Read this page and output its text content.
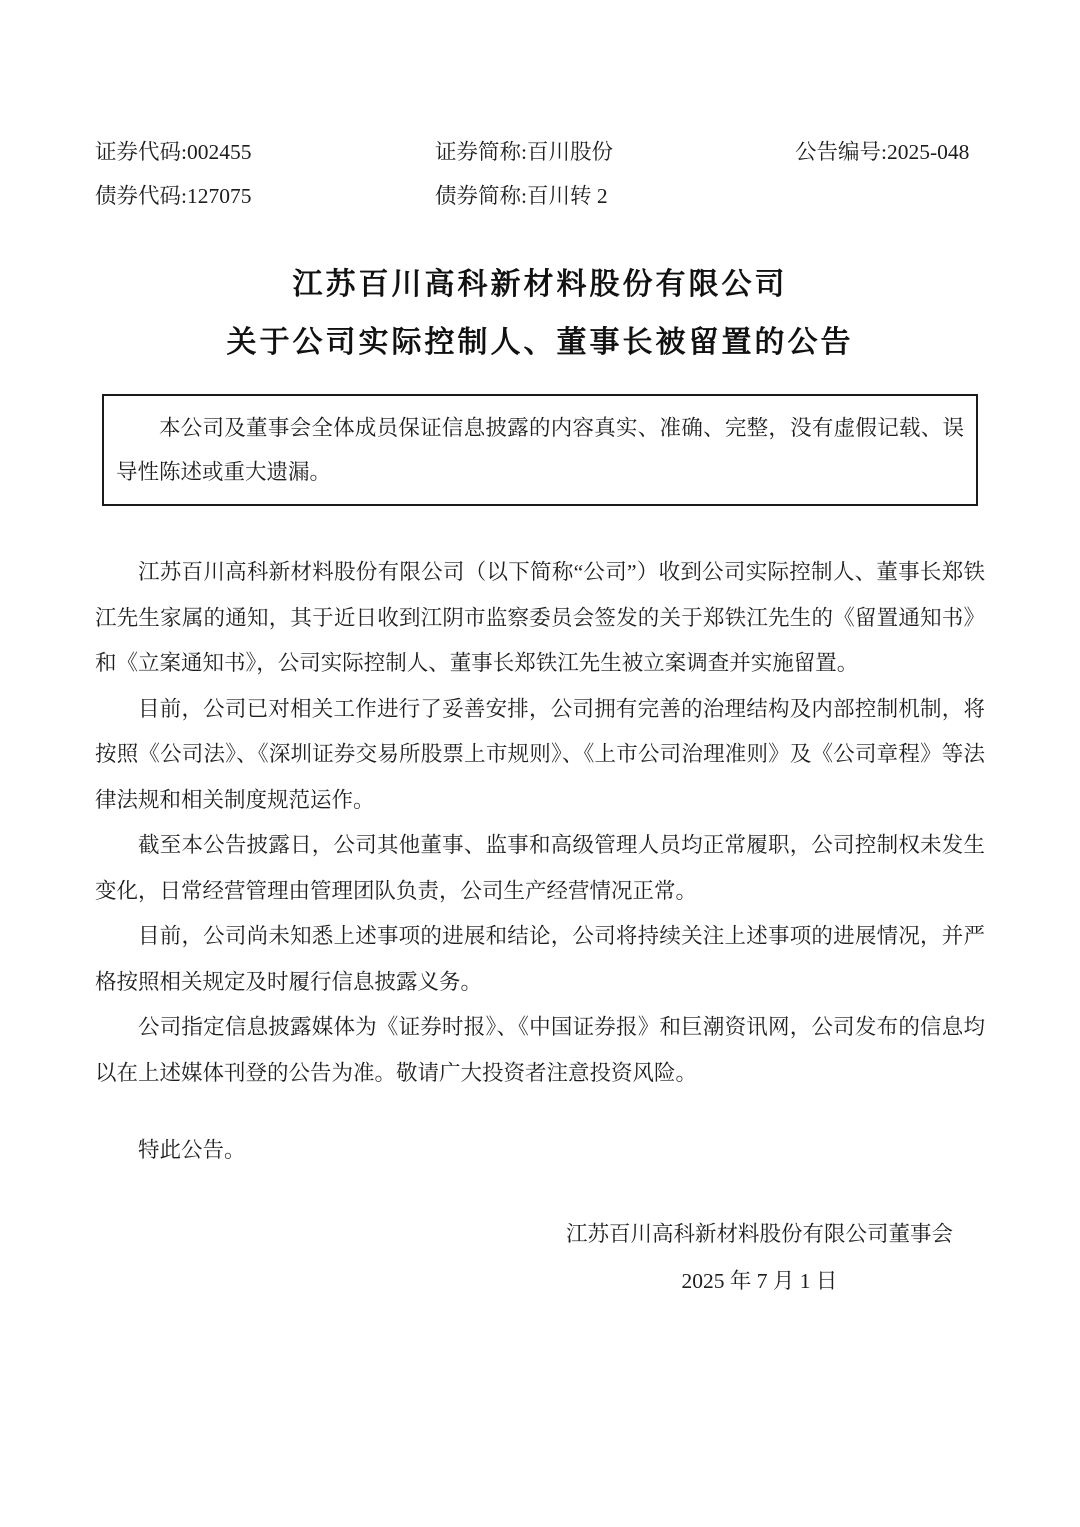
证券代码:002455	证券简称:百川股份	公告编号:2025-048
债券代码:127075	债券简称:百川转 2
江苏百川高科新材料股份有限公司
关于公司实际控制人、董事长被留置的公告

本公司及董事会全体成员保证信息披露的内容真实、准确、完整，没有虚假记载、误导性陈述或重大遗漏。

江苏百川高科新材料股份有限公司（以下简称“公司”）收到公司实际控制人、董事长郑铁江先生家属的通知，其于近日收到江阴市监察委员会签发的关于郑铁江先生的《留置通知书》和《立案通知书》，公司实际控制人、董事长郑铁江先生被立案调查并实施留置。

目前，公司已对相关工作进行了妥善安排，公司拥有完善的治理结构及内部控制机制，将按照《公司法》、《深圳证券交易所股票上市规则》、《上市公司治理准则》及《公司章程》等法律法规和相关制度规范运作。

截至本公告披露日，公司其他董事、监事和高级管理人员均正常履职，公司控制权未发生变化，日常经营管理由管理团队负责，公司生产经营情况正常。

目前，公司尚未知悉上述事项的进展和结论，公司将持续关注上述事项的进展情况，并严格按照相关规定及时履行信息披露义务。

公司指定信息披露媒体为《证券时报》、《中国证券报》和巨潮资讯网，公司发布的信息均以在上述媒体刊登的公告为准。敬请广大投资者注意投资风险。

特此公告。

江苏百川高科新材料股份有限公司董事会
2025 年 7 月 1 日
